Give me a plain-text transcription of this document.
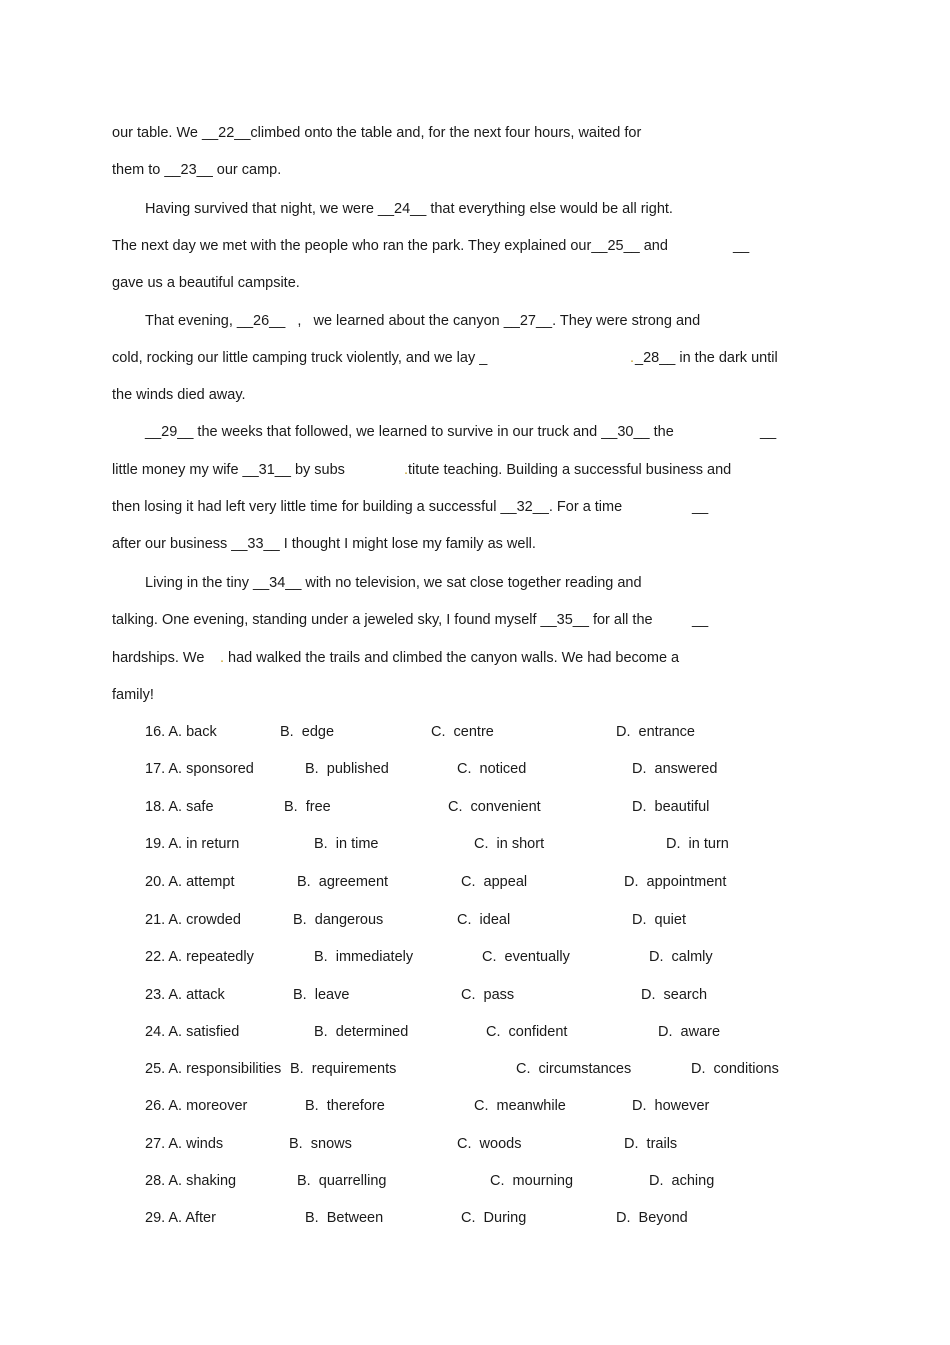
our table. We __22__climbed onto the table and, for the next four hours, waited for

them to __23__ our camp.

Having survived that night, we were __24__ that everything else would be all right.

The next day we met with the people who ran the park. They explained our__25__ and	__

gave us a beautiful campsite.

That evening, __26__   ,   we learned about the canyon __27__. They were strong and

cold, rocking our little camping truck violently, and we lay _	. _28__ in the dark until

the winds died away.

__29__ the weeks that followed, we learned to survive in our truck and __30__ the	__

little money my wife __31__ by subs	. titute teaching. Building a successful business and

then losing it had left very little time for building a successful __32__. For a time	__

after our business __33__ I thought I might lose my family as well.

Living in the tiny __34__ with no television, we sat close together reading and

talking. One evening, standing under a jeweled sky, I found myself __35__ for all the	__

hardships. We . had walked the trails and climbed the canyon walls. We had become a

family!

16. A. back	B.  edge	C.  centre	D.  entrance
17. A. sponsored	B.  published	C.  noticed	D.  answered
18. A. safe	B.  free	C.  convenient	D.  beautiful
19. A. in return	B.  in time	C.  in short	D.  in turn
20. A. attempt	B.  agreement	C.  appeal	D.  appointment
21. A. crowded	B.  dangerous	C.  ideal	D.  quiet
22. A. repeatedly	B.  immediately	C.  eventually	D.  calmly
23. A. attack	B.  leave	C.  pass	D.  search
24. A. satisfied	B.  determined	C.  confident	D.  aware
25. A. responsibilities B.  requirements	C.  circumstances	D.  conditions
26. A. moreover	B.  therefore	C.  meanwhile	D.  however
27. A. winds	B.  snows	C.  woods	D.  trails
28. A. shaking	B.  quarrelling	C.  mourning	D.  aching
29. A. After	B.  Between	C.  During	D.  Beyond
